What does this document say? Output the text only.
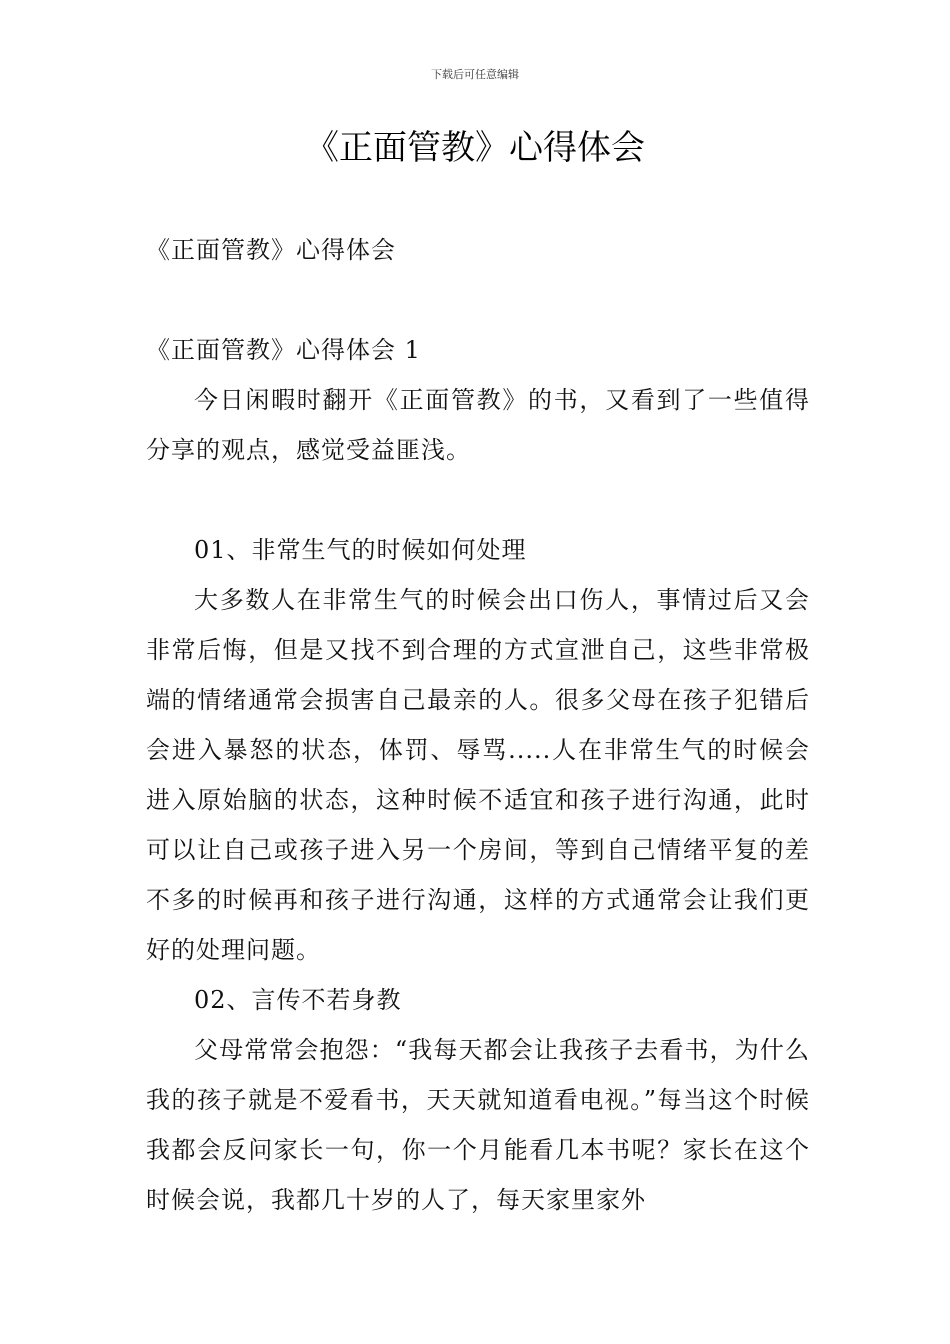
下载后可任意编辑
《正面管教》心得体会

《正面管教》心得体会

《正面管教》心得体会 1

今日闲暇时翻开《正面管教》的书，又看到了一些值得分享的观点，感觉受益匪浅。

01、非常生气的时候如何处理

大多数人在非常生气的时候会出口伤人，事情过后又会非常后悔，但是又找不到合理的方式宣泄自己，这些非常极端的情绪通常会损害自己最亲的人。很多父母在孩子犯错后会进入暴怒的状态，体罚、辱骂.....人在非常生气的时候会进入原始脑的状态，这种时候不适宜和孩子进行沟通，此时可以让自己或孩子进入另一个房间，等到自己情绪平复的差不多的时候再和孩子进行沟通，这样的方式通常会让我们更好的处理问题。

02、言传不若身教

父母常常会抱怨：“我每天都会让我孩子去看书，为什么我的孩子就是不爱看书，天天就知道看电视。”每当这个时候我都会反问家长一句，你一个月能看几本书呢？家长在这个时候会说，我都几十岁的人了，每天家里家外
